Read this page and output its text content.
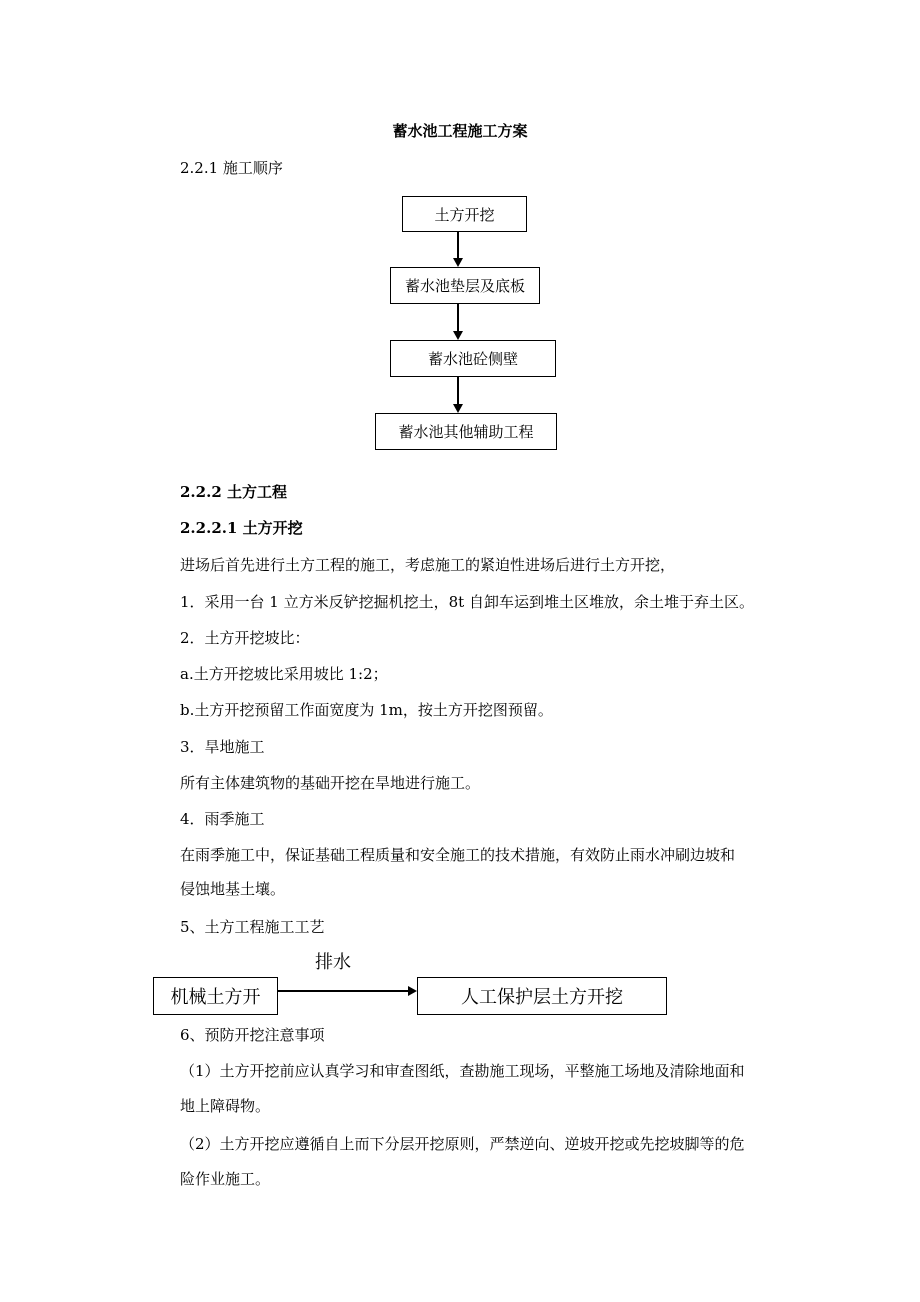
蓄水池工程施工方案
2.2.1 施工顺序
土方开挖
蓄水池垫层及底板
蓄水池砼侧壁
蓄水池其他辅助工程
2.2.2 土方工程
2.2.2.1 土方开挖
进场后首先进行土方工程的施工，考虑施工的紧迫性进场后进行土方开挖，
1．采用一台 1 立方米反铲挖掘机挖土，8t 自卸车运到堆土区堆放，余土堆于弃土区。
2．土方开挖坡比：
a.土方开挖坡比采用坡比 1:2；
b.土方开挖预留工作面宽度为 1m，按土方开挖图预留。
3．旱地施工
所有主体建筑物的基础开挖在旱地进行施工。
4．雨季施工
在雨季施工中，保证基础工程质量和安全施工的技术措施，有效防止雨水冲刷边坡和
侵蚀地基土壤。
5、土方工程施工工艺
排水
机械土方开	人工保护层土方开挖
6、预防开挖注意事项
（1）土方开挖前应认真学习和审查图纸，查勘施工现场，平整施工场地及清除地面和
地上障碍物。
（2）土方开挖应遵循自上而下分层开挖原则，严禁逆向、逆坡开挖或先挖坡脚等的危
险作业施工。
